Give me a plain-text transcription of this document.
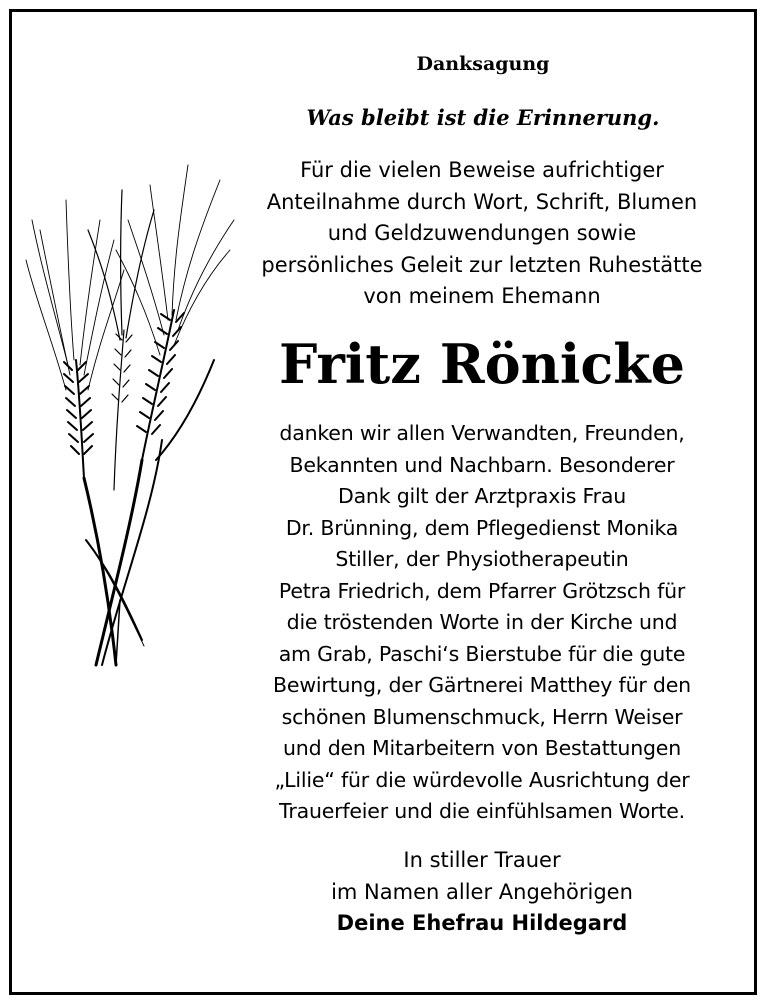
Danksagung
Was bleibt ist die Erinnerung.
Für die vielen Beweise aufrichtiger
Anteilnahme durch Wort, Schrift, Blumen
und Geldzuwendungen sowie
persönliches Geleit zur letzten Ruhestätte
von meinem Ehemann
Fritz Rönicke
danken wir allen Verwandten, Freunden,
Bekannten und Nachbarn. Besonderer
Dank gilt der Arztpraxis Frau
Dr. Brünning, dem Pflegedienst Monika
Stiller, der Physiotherapeutin
Petra Friedrich, dem Pfarrer Grötzsch für
die tröstenden Worte in der Kirche und
am Grab, Paschi‘s Bierstube für die gute
Bewirtung, der Gärtnerei Matthey für den
schönen Blumenschmuck, Herrn Weiser
und den Mitarbeitern von Bestattungen
„Lilie“ für die würdevolle Ausrichtung der
Trauerfeier und die einfühlsamen Worte.
In stiller Trauer
im Namen aller Angehörigen
Deine Ehefrau Hildegard
